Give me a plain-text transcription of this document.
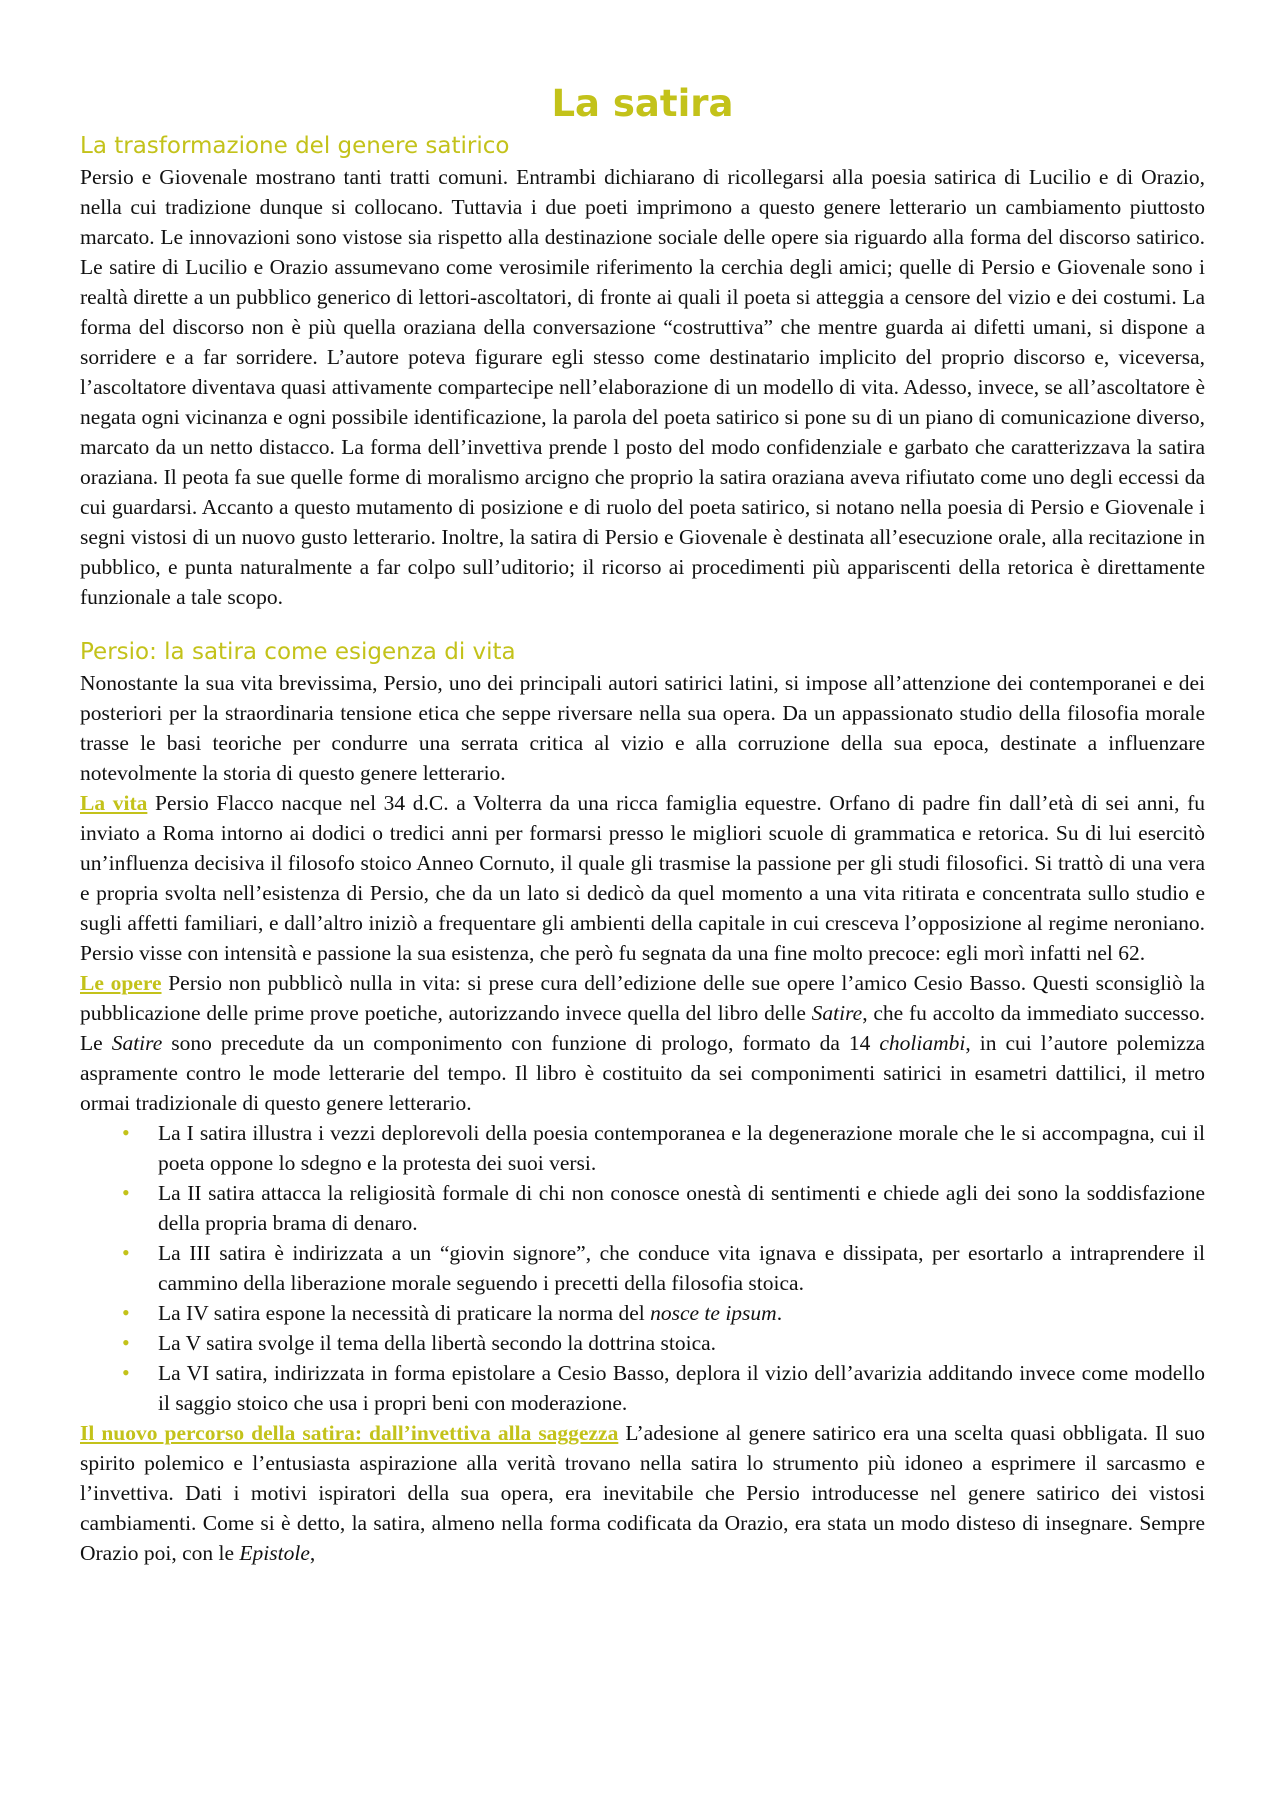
La satira
La trasformazione del genere satirico

Persio e Giovenale mostrano tanti tratti comuni. Entrambi dichiarano di ricollegarsi alla poesia satirica di Lucilio e di Orazio, nella cui tradizione dunque si collocano. Tuttavia i due poeti imprimono a questo genere letterario un cambiamento piuttosto marcato. Le innovazioni sono vistose sia rispetto alla destinazione sociale delle opere sia riguardo alla forma del discorso satirico. Le satire di Lucilio e Orazio assumevano come verosimile riferimento la cerchia degli amici; quelle di Persio e Giovenale sono i realtà dirette a un pubblico generico di lettori-ascoltatori, di fronte ai quali il poeta si atteggia a censore del vizio e dei costumi. La forma del discorso non è più quella oraziana della conversazione “costruttiva” che mentre guarda ai difetti umani, si dispone a sorridere e a far sorridere. L’autore poteva figurare egli stesso come destinatario implicito del proprio discorso e, viceversa, l’ascoltatore diventava quasi attivamente compartecipe nell’elaborazione di un modello di vita. Adesso, invece, se all’ascoltatore è negata ogni vicinanza e ogni possibile identificazione, la parola del poeta satirico si pone su di un piano di comunicazione diverso, marcato da un netto distacco. La forma dell’invettiva prende l posto del modo confidenziale e garbato che caratterizzava la satira oraziana. Il peota fa sue quelle forme di moralismo arcigno che proprio la satira oraziana aveva rifiutato come uno degli eccessi da cui guardarsi. Accanto a questo mutamento di posizione e di ruolo del poeta satirico, si notano nella poesia di Persio e Giovenale i segni vistosi di un nuovo gusto letterario. Inoltre, la satira di Persio e Giovenale è destinata all’esecuzione orale, alla recitazione in pubblico, e punta naturalmente a far colpo sull’uditorio; il ricorso ai procedimenti più appariscenti della retorica è direttamente funzionale a tale scopo.

Persio: la satira come esigenza di vita

Nonostante la sua vita brevissima, Persio, uno dei principali autori satirici latini, si impose all’attenzione dei contemporanei e dei posteriori per la straordinaria tensione etica che seppe riversare nella sua opera. Da un appassionato studio della filosofia morale trasse le basi teoriche per condurre una serrata critica al vizio e alla corruzione della sua epoca, destinate a influenzare notevolmente la storia di questo genere letterario.

La vita Persio Flacco nacque nel 34 d.C. a Volterra da una ricca famiglia equestre. Orfano di padre fin dall’età di sei anni, fu inviato a Roma intorno ai dodici o tredici anni per formarsi presso le migliori scuole di grammatica e retorica. Su di lui esercitò un’influenza decisiva il filosofo stoico Anneo Cornuto, il quale gli trasmise la passione per gli studi filosofici. Si trattò di una vera e propria svolta nell’esistenza di Persio, che da un lato si dedicò da quel momento a una vita ritirata e concentrata sullo studio e sugli affetti familiari, e dall’altro iniziò a frequentare gli ambienti della capitale in cui cresceva l’opposizione al regime neroniano. Persio visse con intensità e passione la sua esistenza, che però fu segnata da una fine molto precoce: egli morì infatti nel 62.

Le opere Persio non pubblicò nulla in vita: si prese cura dell’edizione delle sue opere l’amico Cesio Basso. Questi sconsigliò la pubblicazione delle prime prove poetiche, autorizzando invece quella del libro delle Satire, che fu accolto da immediato successo. Le Satire sono precedute da un componimento con funzione di prologo, formato da 14 choliambi, in cui l’autore polemizza aspramente contro le mode letterarie del tempo. Il libro è costituito da sei componimenti satirici in esametri dattilici, il metro ormai tradizionale di questo genere letterario.

• La I satira illustra i vezzi deplorevoli della poesia contemporanea e la degenerazione morale che le si accompagna, cui il poeta oppone lo sdegno e la protesta dei suoi versi.
• La II satira attacca la religiosità formale di chi non conosce onestà di sentimenti e chiede agli dei sono la soddisfazione della propria brama di denaro.
• La III satira è indirizzata a un “giovin signore”, che conduce vita ignava e dissipata, per esortarlo a intraprendere il cammino della liberazione morale seguendo i precetti della filosofia stoica.
• La IV satira espone la necessità di praticare la norma del nosce te ipsum.
• La V satira svolge il tema della libertà secondo la dottrina stoica.
• La VI satira, indirizzata in forma epistolare a Cesio Basso, deplora il vizio dell’avarizia additando invece come modello il saggio stoico che usa i propri beni con moderazione.

Il nuovo percorso della satira: dall’invettiva alla saggezza L’adesione al genere satirico era una scelta quasi obbligata. Il suo spirito polemico e l’entusiasta aspirazione alla verità trovano nella satira lo strumento più idoneo a esprimere il sarcasmo e l’invettiva. Dati i motivi ispiratori della sua opera, era inevitabile che Persio introducesse nel genere satirico dei vistosi cambiamenti. Come si è detto, la satira, almeno nella forma codificata da Orazio, era stata un modo disteso di insegnare. Sempre Orazio poi, con le Epistole,
